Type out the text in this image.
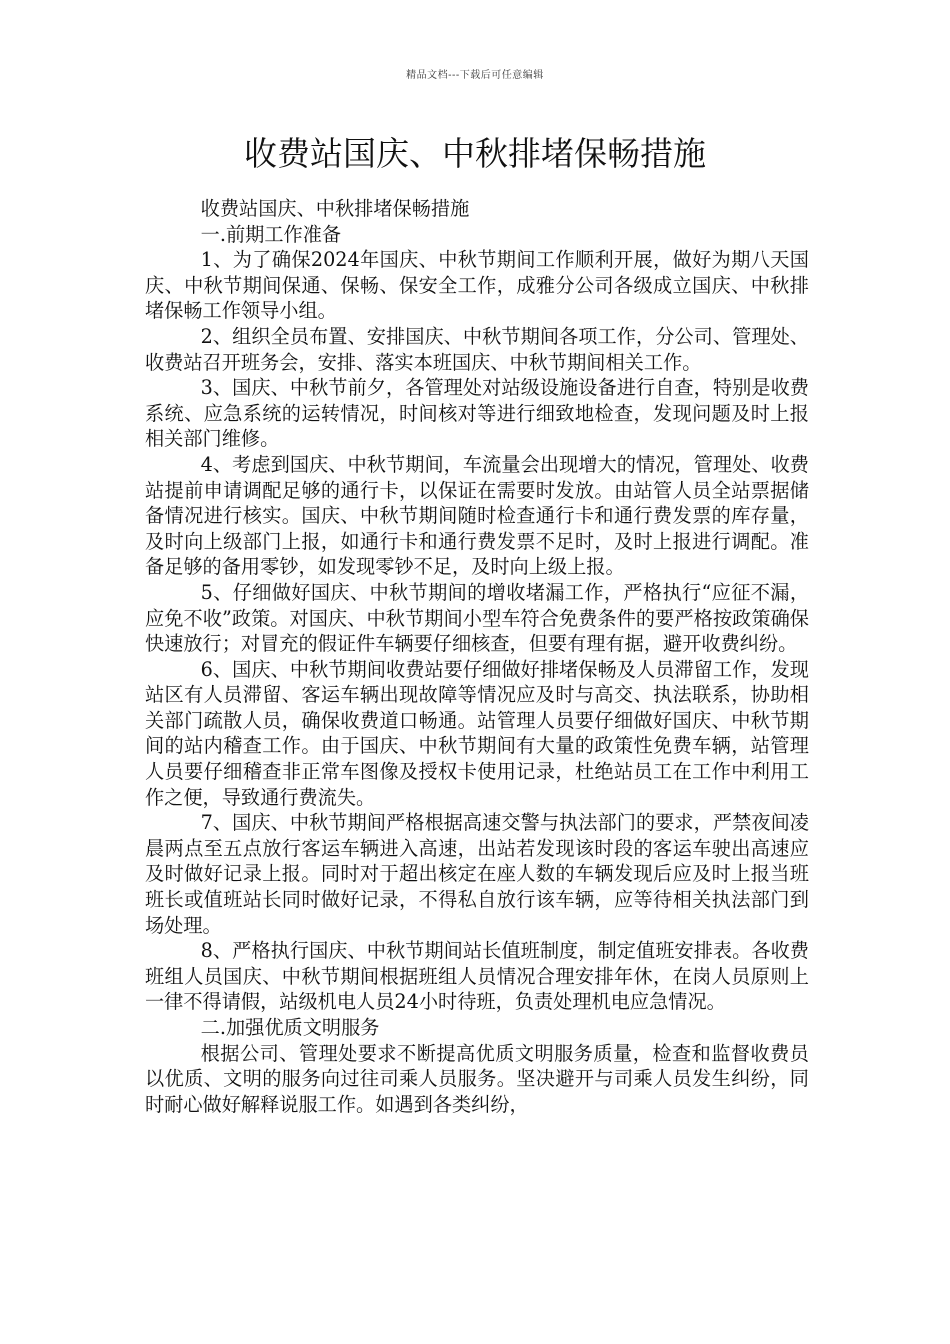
精品文档---下载后可任意编辑
收费站国庆、中秋排堵保畅措施

收费站国庆、中秋排堵保畅措施

一.前期工作准备

1、为了确保2024年国庆、中秋节期间工作顺利开展，做好为期八天国庆、中秋节期间保通、保畅、保安全工作，成雅分公司各级成立国庆、中秋排堵保畅工作领导小组。

2、组织全员布置、安排国庆、中秋节期间各项工作，分公司、管理处、收费站召开班务会，安排、落实本班国庆、中秋节期间相关工作。

3、国庆、中秋节前夕，各管理处对站级设施设备进行自查，特别是收费系统、应急系统的运转情况，时间核对等进行细致地检查，发现问题及时上报相关部门维修。

4、考虑到国庆、中秋节期间，车流量会出现增大的情况，管理处、收费站提前申请调配足够的通行卡，以保证在需要时发放。由站管人员全站票据储备情况进行核实。国庆、中秋节期间随时检查通行卡和通行费发票的库存量，及时向上级部门上报，如通行卡和通行费发票不足时，及时上报进行调配。准备足够的备用零钞，如发现零钞不足，及时向上级上报。

5、仔细做好国庆、中秋节期间的增收堵漏工作，严格执行“应征不漏，应免不收”政策。对国庆、中秋节期间小型车符合免费条件的要严格按政策确保快速放行；对冒充的假证件车辆要仔细核查，但要有理有据，避开收费纠纷。

6、国庆、中秋节期间收费站要仔细做好排堵保畅及人员滞留工作，发现站区有人员滞留、客运车辆出现故障等情况应及时与高交、执法联系，协助相关部门疏散人员，确保收费道口畅通。站管理人员要仔细做好国庆、中秋节期间的站内稽查工作。由于国庆、中秋节期间有大量的政策性免费车辆，站管理人员要仔细稽查非正常车图像及授权卡使用记录，杜绝站员工在工作中利用工作之便，导致通行费流失。

7、国庆、中秋节期间严格根据高速交警与执法部门的要求，严禁夜间凌晨两点至五点放行客运车辆进入高速，出站若发现该时段的客运车驶出高速应及时做好记录上报。同时对于超出核定在座人数的车辆发现后应及时上报当班班长或值班站长同时做好记录，不得私自放行该车辆，应等待相关执法部门到场处理。

8、严格执行国庆、中秋节期间站长值班制度，制定值班安排表。各收费班组人员国庆、中秋节期间根据班组人员情况合理安排年休，在岗人员原则上一律不得请假，站级机电人员24小时待班，负责处理机电应急情况。

二.加强优质文明服务

根据公司、管理处要求不断提高优质文明服务质量，检查和监督收费员以优质、文明的服务向过往司乘人员服务。坚决避开与司乘人员发生纠纷，同时耐心做好解释说服工作。如遇到各类纠纷，
